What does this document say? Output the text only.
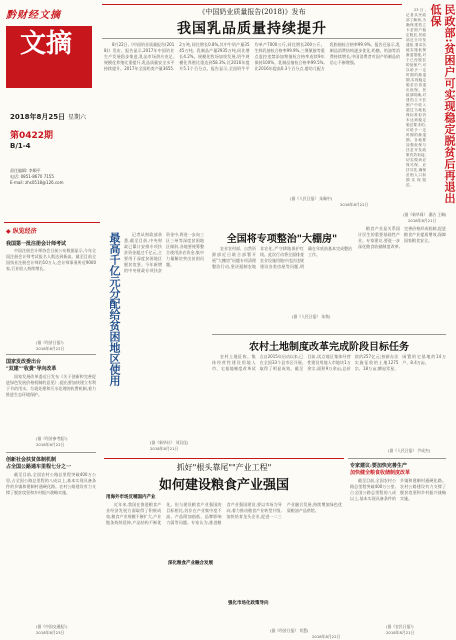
黔财经文摘
文摘
2018年8月25日 星期六
第0422期
B/1-4
责任编辑: 李顺平
电话: 0851-8670 7155
E-mail: zhs0518@126.com
《中国奶业质量报告(2018)》发布
我国乳品质量持续提升

8月22日,《中国奶业质量报告(2018)》发布。报告显示,2017年中国奶业生产发展稳步推进,乳品市场供应充足,规模化养殖比重提升,乳品质量安全水平持续提升。2017年全国奶类产量3655.2万吨,同比增长0.8%,其中牛奶产量3545万吨。乳制品产量2935万吨,同比增长4.2%。规模化牧场加快发展,奶牛规模化养殖比重达到58.3%,比2016年提升5.1个百分点。报告显示,全国奶牛平均单产7000公斤,同比增长200公斤。生鲜乳抽检合格率99.9%,三聚氰胺等重点监控违禁添加物抽检合格率连续9年保持100%。乳制品抽检合格率99.5%,比2016年提高0.3个百分点,婴幼儿配方乳粉抽检合格率99.9%。报告还显示,乳制品消费结构逐步优化,奶酪、奶油等消费持续增长,中国消费者对国产奶制品的信心不断增强。

(据《人民日报》 朱佩中)
2018年8月22日
民政部:贫困户可实现稳定脱贫后再退出低保

23日,记者从民政部了解到,为确保建档立卡贫困户稳定脱贫,民政部近日印发通知,要求各地实施低保渐退措施,对于已经脱贫的低保户,可以给予一定时期的渐退期,实现稳定脱贫后再退出低保。民政部明确,对建档立卡贫困户中收入超过当地低保标准但仍未达到稳定脱贫要求的,可给予一定时期的渐退期。各地要加强低保与扶贫开发政策有效衔接,切实做到应保尽保、应扶尽扶,确保贫困人口如期实现脱贫。

(据《新华网》 潘洁 王琳)
2018年8月21日
◆ 纵览经济
我国第一批注册会计师考试

中国注册会计师协会日前公布数据显示,今年全国注册会计师考试报名人数达到新高。截至目前全国执业注册会计师约10万人,会计师事务所近9000家,行业收入持续增长。

(据《经济日报》)
2018年8月22日
国家发改委出台
"双建""收费"导向改革

国家发展改革委近日发布《关于创新和完善促进绿色发展价格机制的意见》,提出要加快建立有利于节约用水、垃圾处理和污水处理的收费机制,着力推进生态环境保护。

(据《经济参考报》)
2018年8月22日
创新社会扶贫体制机制
占全国公路通车里程七分之一

截至目前,全国农村公路总里程突破400万公里,占全国公路总里程的八成以上,基本实现具备条件的乡镇和建制村通硬化路。农村公路建设有力支撑了脱贫攻坚和乡村振兴战略实施。

(据《中国交通报》)
2018年8月23日
最高千亿元分配给贫困地区使用	记者从财政部获悉,截至目前,中央财政已累计安排专项扶贫资金超过千亿元,主要用于深度贫困地区脱贫攻坚。今年新增的中央财政专项扶贫资金中,将进一步向三区三州等深度贫困地区倾斜,各地要统筹整合使用涉农资金,集中力量解决突出贫困问题。

(据《新华社》 刘羽佳)
2018年8月21日
全国将专项整治"大棚房"

农业农村部、自然资源部近日联合部署开展"大棚房"问题专项清理整治行动,坚决遏制农地非农化,严守耕地保护红线。此次行动将全面排查农业设施用地中违法违规建设各类房屋等问题,明确在年底前基本完成整治工作。

(据《人民日报》 朱隽)

粮食产业是关系国计民生的重要基础性产业。专家建议,要进一步深化粮食收储制度改革,完善价格形成机制,促进粮食产业提质增效,保障国家粮食安全。

农村土地制度改革完成阶段目标任务

农村土地征收、集体经营性建设用地入市、宅基地制度改革试点自2015年启动以来,已在全国33个县市区开展,取得了明显成效。截至目前,试点地区集体经营性建设用地入市地块1万余宗,面积9万余亩,总价款约257亿元;按新办法实施征收的土地1275宗、18万亩;腾退零星、闲置的宅基地约14万户、8.4万亩。

(据《人民日报》 尹成杰)
抓好"根头靠尾""产业工程"
如何建设粮食产业强国
用海外市场反哺国内产业

近年来,我国在推进粮食产业经济发展方面取得了积极成效,粮食产业规模不断扩大,产业链条持续延伸,产品结构不断优化。但与建设粮食产业强国的目标相比,仍存在产业集中度不高、产品附加值低、品牌影响力弱等问题。专家认为,推进粮食产业强国建设,要以市场为导向,着力推动粮食产业转型升级,加快培育龙头企业,促进一二三产业融合发展,持续增加绿色优质粮油产品供给。

深化粮食产业融合发展
强化市场化政策导向
(据《经济日报》 刘慧)
2018年8月22日
专家建议:要加快完善生产
加快健全粮食收储制度改革

截至目前,全国农村公路总里程突破400万公里,占全国公路总里程的八成以上,基本实现具备条件的乡镇和建制村通硬化路。农村公路建设有力支撑了脱贫攻坚和乡村振兴战略实施。

(据《农民日报》)
2018年8月21日
